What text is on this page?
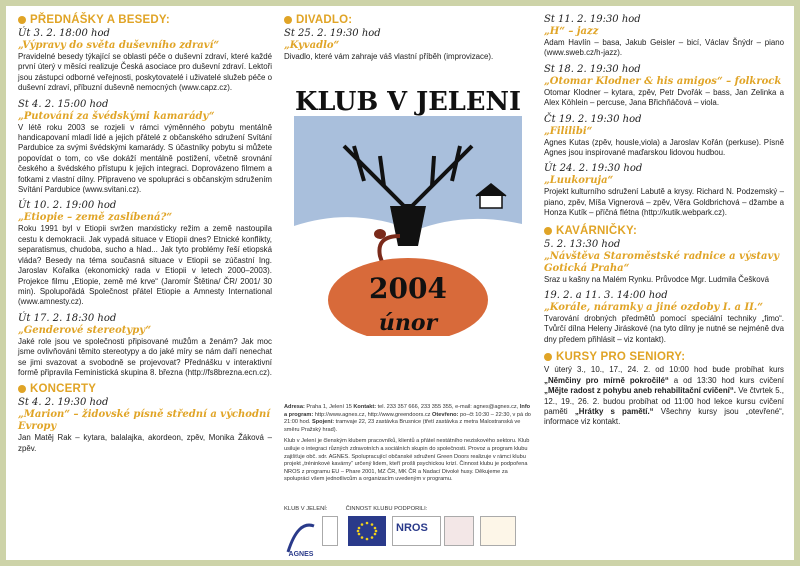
PŘEDNÁŠKY A BESEDY:
Út 3. 2. 18:00 hod
„Výpravy do světa duševního zdraví“
Pravidelné besedy týkající se oblasti péče o duševní zdraví, které každé první úterý v měsíci realizuje Česká asociace pro duševní zdraví. Lektoři jsou zástupci odborné veřejnosti, poskytovatelé i uživatelé služeb péče o duševní zdraví, příbuzní duševně nemocných (www.capz.cz).
St 4. 2. 15:00 hod
„Putování za švédskými kamarády“
V létě roku 2003 se rozjeli v rámci výměnného pobytu mentálně handicapovaní mladí lidé a jejich přátelé z občanského sdružení Svítání Pardubice za svými švédskými kamarády. S účastníky pobytu si můžete popovídat o tom, co vše dokáží mentálně postižení, včetně srovnání českého a švédského přístupu k jejich integraci. Doprovázeno filmem a fotkami z vlastní dílny. Připraveno ve spolupráci s občanským sdružením Svítání Pardubice (www.svitani.cz).
Út 10. 2. 19:00 hod
„Etiopie – země zaslíbená?“
Roku 1991 byl v Etiopii svržen marxisticky režim a země nastoupila cestu k demokracii. Jak vypadá situace v Etiopii dnes? Etnické konflikty, separatismus, chudoba, sucho a hlad... Jak tyto problémy řeší etiopská vláda? Besedy na téma současná situace v Etiopii se zúčastní Ing. Jaroslav Kořalka (ekonomický rada v Etiopii v letech 2000–2003). Projekce filmu „Etiopie, země mé krve“ (Jaromír Štětina/ ČR/ 2001/ 30 min). Spolupořádá Společnost přátel Etiopie a Amnesty International (www.amnesty.cz).
Út 17. 2. 18:30 hod
„Genderové stereotypy“
Jaké role jsou ve společnosti připisované mužům a ženám? Jak moc jsme ovlivňováni těmito stereotypy a do jaké míry se nám daří nenechat se jimi svazovat a svobodně se projevovat? Přednášku v interaktivní formě připravila Feministická skupina 8. března (http://fs8brezna.ecn.cz).
KONCERTY
St 4. 2. 19:30 hod
„Marion“ – židovské písně střední a východní Evropy
Jan Matěj Rak – kytara, balalajka, akordeon, zpěv, Monika Žáková – zpěv.
DIVADLO:
St 25. 2. 19:30 hod
„Kyvadlo“
Divadlo, které vám zahraje váš vlastní příběh (improvizace).
KLUB V JELENI
2004
únor
Adresa: Praha 1, Jelení 15 Kontakt: tel. 233 357 666, 233 355 355, e-mail: agnes@agnes.cz, Info a program: http://www.agnes.cz, http://www.greendoors.cz Otevřeno: po–čt 10:30 – 22:30, v pá do 21:00 hod. Spojení: tramvaje 22, 23 zastávka Brusnice (třetí zastávka z metra Malostranská ve směru Pražský hrad).
Klub v Jelení je členským klubem pracovníků, klientů a přátel nestátního neziskového sektoru. Klub usiluje o integraci různých zdravotních a sociálních skupin do společnosti. Provoz a program klubu zajišťuje obč. sdr. AGNES. Spolupracující občanské sdružení Green Doors realizuje v rámci klubu projekt „tréninkové kavárny“ určený lidem, kteří prošli psychickou krizí. Činnost klubu je podpořena NROS z programu EU – Phare 2001, MZ ČR, MK ČR a Nadací Divoké husy. Děkujeme za spolupráci všem jednotlivcům a organizacím uvedeným v programu.
KLUB V JELENÍ:	ČINNOST KLUBU PODPORILI:
AGNES
NROS
St 11. 2. 19:30 hod
„H“ – jazz
Adam Havlín – basa, Jakub Geisler – bicí, Václav Šnýdr – piano (www.sweb.cz/h-jazz).
St 18. 2. 19:30 hod
„Otomar Klodner & his amigos“ – folkrock
Otomar Klodner – kytara, zpěv, Petr Dvořák – bass, Jan Zelinka a Alex Köhlein – percuse, Jana Břichňáčová – viola.
Čt 19. 2. 19:30 hod
„Fililibi“
Agnes Kutas (zpěv, housle,viola) a Jaroslav Kořán (perkuse). Písně Agnes jsou inspirované maďarskou lidovou hudbou.
Út 24. 2. 19:30 hod
„Luukoruja“
Projekt kulturního sdružení Labutě a krysy. Richard N. Podzemský – piano, zpěv, Míša Vignerová – zpěv, Věra Goldbrichová – džambe a Honza Kutík – příčná flétna (http://kutik.webpark.cz).
KAVÁRNIČKY:
5. 2. 13:30 hod
„Návštěva Staroměstské radnice a výstavy Gotická Praha“
Sraz u kašny na Malém Rynku. Průvodce Mgr. Ludmila Češková
19. 2. a 11. 3. 14:00 hod
„Korále, náramky a jiné ozdoby I. a II.“
Tvarování drobných předmětů pomocí speciální techniky „fimo“. Tvůrčí dílna Heleny Jiráskové (na tyto dílny je nutné se nejméně dva dny předem přihlásit – viz kontakt).
KURSY PRO SENIORY:
V úterý 3., 10., 17., 24. 2. od 10:00 hod bude probíhat kurs „Němčiny pro mírně pokročilé“ a od 13:30 hod kurs cvičení „Mějte radost z pohybu aneb rehabilitační cvičení“. Ve čtvrtek 5., 12., 19., 26. 2. budou probíhat od 11:00 hod lekce kursu cvičení paměti „Hrátky s pamětí.“ Všechny kursy jsou „otevřené“, informace viz kontakt.
